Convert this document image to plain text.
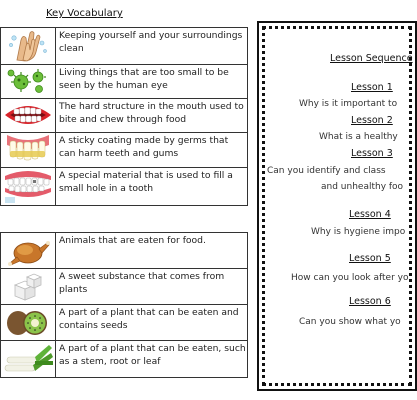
Key Vocabulary
	Keeping yourself and your surroundings clean

	Living things that are too small to be seen by the human eye

	The hard structure in the mouth used to bite and chew through food

	A sticky coating made by germs that can harm teeth and gums

	A special material that is used to fill a small hole in a tooth
	Animals that are eaten for food.

	A sweet substance that comes from plants

	A part of a plant that can be eaten and contains seeds

	A part of a plant that can be eaten, such as a stem, root or leaf
Lesson Sequence
Lesson 1
Why is it important to
Lesson 2
What is a healthy
Lesson 3
Can you identify and class
and unhealthy foo
Lesson 4
Why is hygiene impo
Lesson 5
How can you look after yo
Lesson 6
Can you show what yo
